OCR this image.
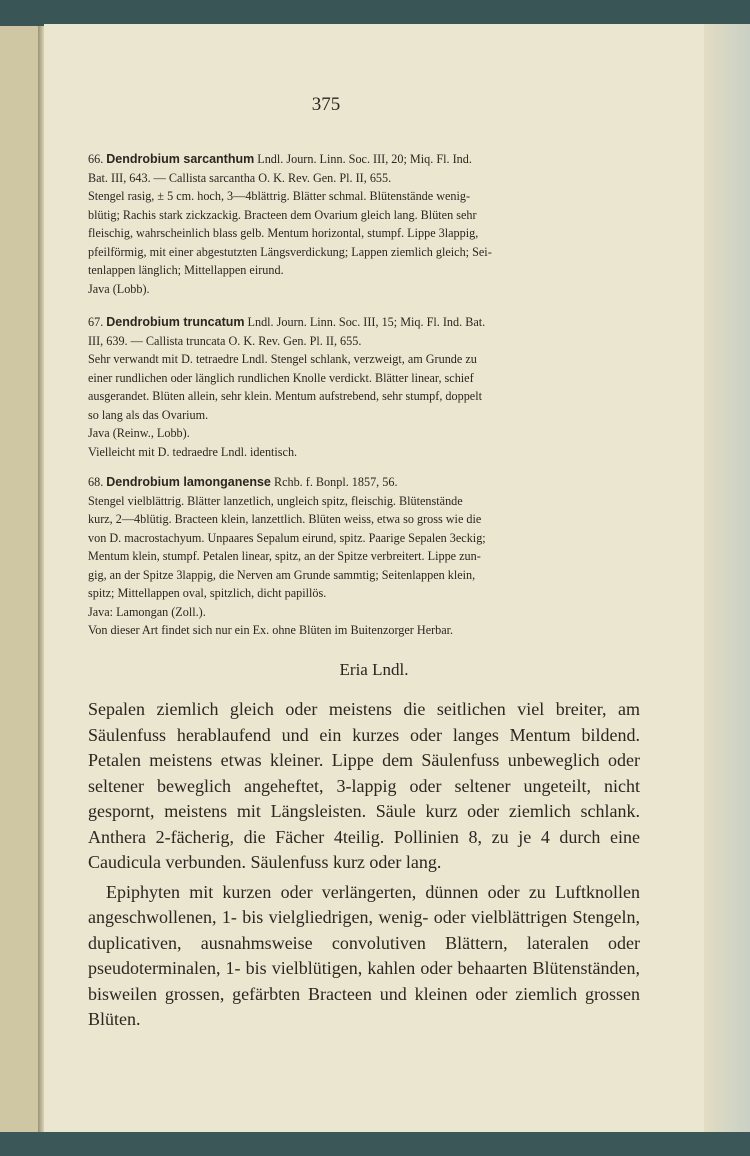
375

66. Dendrobium sarcanthum Lndl. Journ. Linn. Soc. III, 20; Miq. Fl. Ind.

Bat. III, 643. — Callista sarcantha O. K. Rev. Gen. Pl. II, 655.

Stengel rasig, ± 5 cm. hoch, 3—4blättrig. Blätter schmal. Blütenstände wenig-

blütig; Rachis stark zickzackig. Bracteen dem Ovarium gleich lang. Blüten sehr

fleischig, wahrscheinlich blass gelb. Mentum horizontal, stumpf. Lippe 3lappig,

pfeilförmig, mit einer abgestutzten Längsverdickung; Lappen ziemlich gleich; Sei-

tenlappen länglich; Mittellappen eirund.

Java (Lobb).

67. Dendrobium truncatum Lndl. Journ. Linn. Soc. III, 15; Miq. Fl. Ind. Bat.

III, 639. — Callista truncata O. K. Rev. Gen. Pl. II, 655.

Sehr verwandt mit D. tetraedre Lndl. Stengel schlank, verzweigt, am Grunde zu

einer rundlichen oder länglich rundlichen Knolle verdickt. Blätter linear, schief

ausgerandet. Blüten allein, sehr klein. Mentum aufstrebend, sehr stumpf, doppelt

so lang als das Ovarium.

Java (Reinw., Lobb).

Vielleicht mit D. tedraedre Lndl. identisch.

68. Dendrobium lamonganense Rchb. f. Bonpl. 1857, 56.

Stengel vielblättrig. Blätter lanzetlich, ungleich spitz, fleischig. Blütenstände

kurz, 2—4blütig. Bracteen klein, lanzettlich. Blüten weiss, etwa so gross wie die

von D. macrostachyum. Unpaares Sepalum eirund, spitz. Paarige Sepalen 3eckig;

Mentum klein, stumpf. Petalen linear, spitz, an der Spitze verbreitert. Lippe zun-

gig, an der Spitze 3lappig, die Nerven am Grunde sammtig; Seitenlappen klein,

spitz; Mittellappen oval, spitzlich, dicht papillös.

Java: Lamongan (Zoll.).

Von dieser Art findet sich nur ein Ex. ohne Blüten im Buitenzorger Herbar.

Eria Lndl.

Sepalen ziemlich gleich oder meistens die seitlichen viel breiter, am Säulenfuss herablaufend und ein kurzes oder langes Mentum bildend. Petalen meistens etwas kleiner. Lippe dem Säulenfuss unbeweglich oder seltener beweglich angeheftet, 3-lappig oder seltener ungeteilt, nicht gespornt, meistens mit Längsleisten. Säule kurz oder ziemlich schlank. Anthera 2-fächerig, die Fächer 4teilig. Pollinien 8, zu je 4 durch eine Caudicula verbunden. Säulenfuss kurz oder lang.

Epiphyten mit kurzen oder verlängerten, dünnen oder zu Luftknollen angeschwollenen, 1- bis vielgliedrigen, wenig- oder vielblättrigen Stengeln, duplicativen, ausnahmsweise convolutiven Blättern, lateralen oder pseudoterminalen, 1- bis vielblütigen, kahlen oder behaarten Blütenständen, bisweilen grossen, gefärbten Bracteen und kleinen oder ziemlich grossen Blüten.
